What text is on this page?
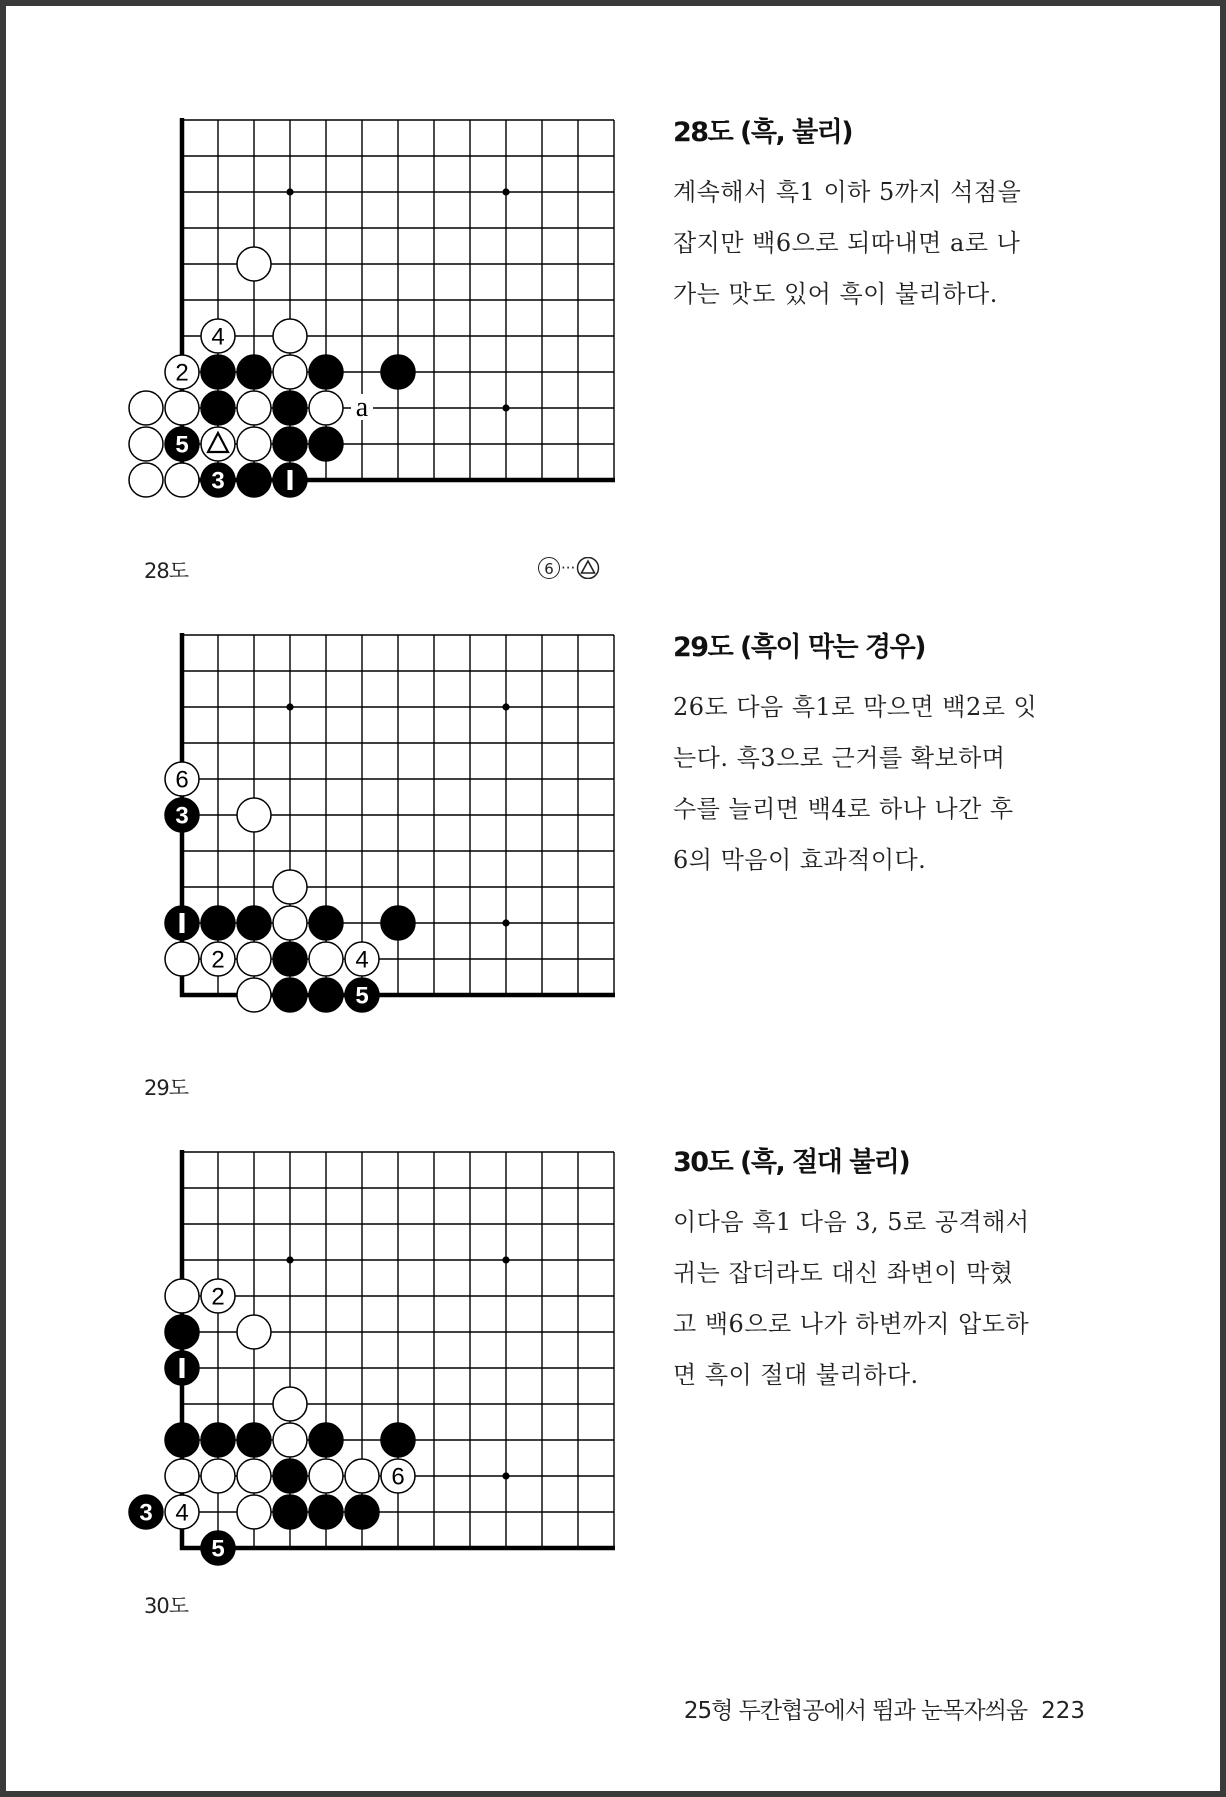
4
2
5
3
a
28도	6 ···
6
3
2	4
5
29도
2
6
3 4
5
30도
28도 (흑, 불리)

계속해서 흑1 이하 5까지 석점을
잡지만 백6으로 되따내면 a로 나
가는 맛도 있어 흑이 불리하다.

29도 (흑이 막는 경우)

26도 다음 흑1로 막으면 백2로 잇
는다. 흑3으로 근거를 확보하며
수를 늘리면 백4로 하나 나간 후
6의 막음이 효과적이다.

30도 (흑, 절대 불리)

이다음 흑1 다음 3, 5로 공격해서
귀는 잡더라도 대신 좌변이 막혔
고 백6으로 나가 하변까지 압도하
면 흑이 절대 불리하다.

25형 두칸협공에서 뜀과 눈목자씌움 223
